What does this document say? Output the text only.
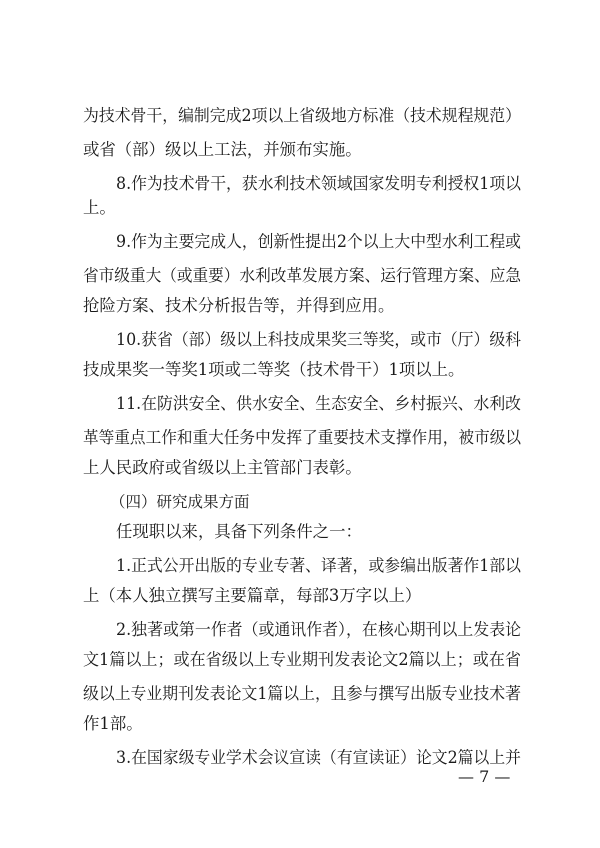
为技术骨干，编制完成2项以上省级地方标准（技术规程规范）
或省（部）级以上工法，并颁布实施。
8.作为技术骨干，获水利技术领域国家发明专利授权1项以
上。
9.作为主要完成人，创新性提出2个以上大中型水利工程或
省市级重大（或重要）水利改革发展方案、运行管理方案、应急
抢险方案、技术分析报告等，并得到应用。
10.获省（部）级以上科技成果奖三等奖，或市（厅）级科
技成果奖一等奖1项或二等奖（技术骨干）1项以上。
11.在防洪安全、供水安全、生态安全、乡村振兴、水利改
革等重点工作和重大任务中发挥了重要技术支撑作用，被市级以
上人民政府或省级以上主管部门表彰。
（四）研究成果方面
任现职以来，具备下列条件之一：
1.正式公开出版的专业专著、译著，或参编出版著作1部以
上（本人独立撰写主要篇章，每部3万字以上）
2.独著或第一作者（或通讯作者），在核心期刊以上发表论
文1篇以上；或在省级以上专业期刊发表论文2篇以上；或在省
级以上专业期刊发表论文1篇以上，且参与撰写出版专业技术著
作1部。
3.在国家级专业学术会议宣读（有宣读证）论文2篇以上并
— 7 —
